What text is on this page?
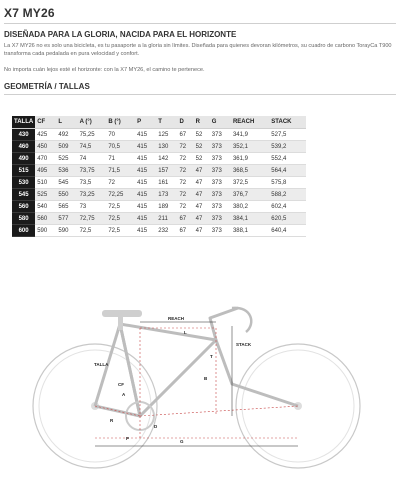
X7 MY26
DISEÑADA PARA LA GLORIA, NACIDA PARA EL HORIZONTE
La X7 MY26 no es solo una bicicleta, es tu pasaporte a la gloria sin límites. Diseñada para quienes devoran kilómetros, su cuadro de carbono TorayCa T900 transforma cada pedalada en pura velocidad y confort.
No importa cuán lejos esté el horizonte: con la X7 MY26, el camino te pertenece.
GEOMETRÍA / TALLAS
TALLA	CF	L	A (°)	B (°)	P	T	D	R	G	REACH	STACK
430	425	492	75,25	70	415	125	67	52	373	341,9	527,5
460	450	509	74,5	70,5	415	130	72	52	373	352,1	539,2
490	470	525	74	71	415	142	72	52	373	361,9	552,4
515	495	536	73,75	71,5	415	157	72	47	373	368,5	564,4
530	510	545	73,5	72	415	161	72	47	373	372,5	575,8
545	525	550	73,25	72,25	415	173	72	47	373	376,7	588,2
560	540	565	73	72,5	415	189	72	47	373	380,2	602,4
580	560	577	72,75	72,5	415	211	67	47	373	384,1	620,5
600	590	590	72,5	72,5	415	232	67	47	373	388,1	640,4
REACH
STACK
TALLA
CF
L
A
B
T
D
R
G
P
